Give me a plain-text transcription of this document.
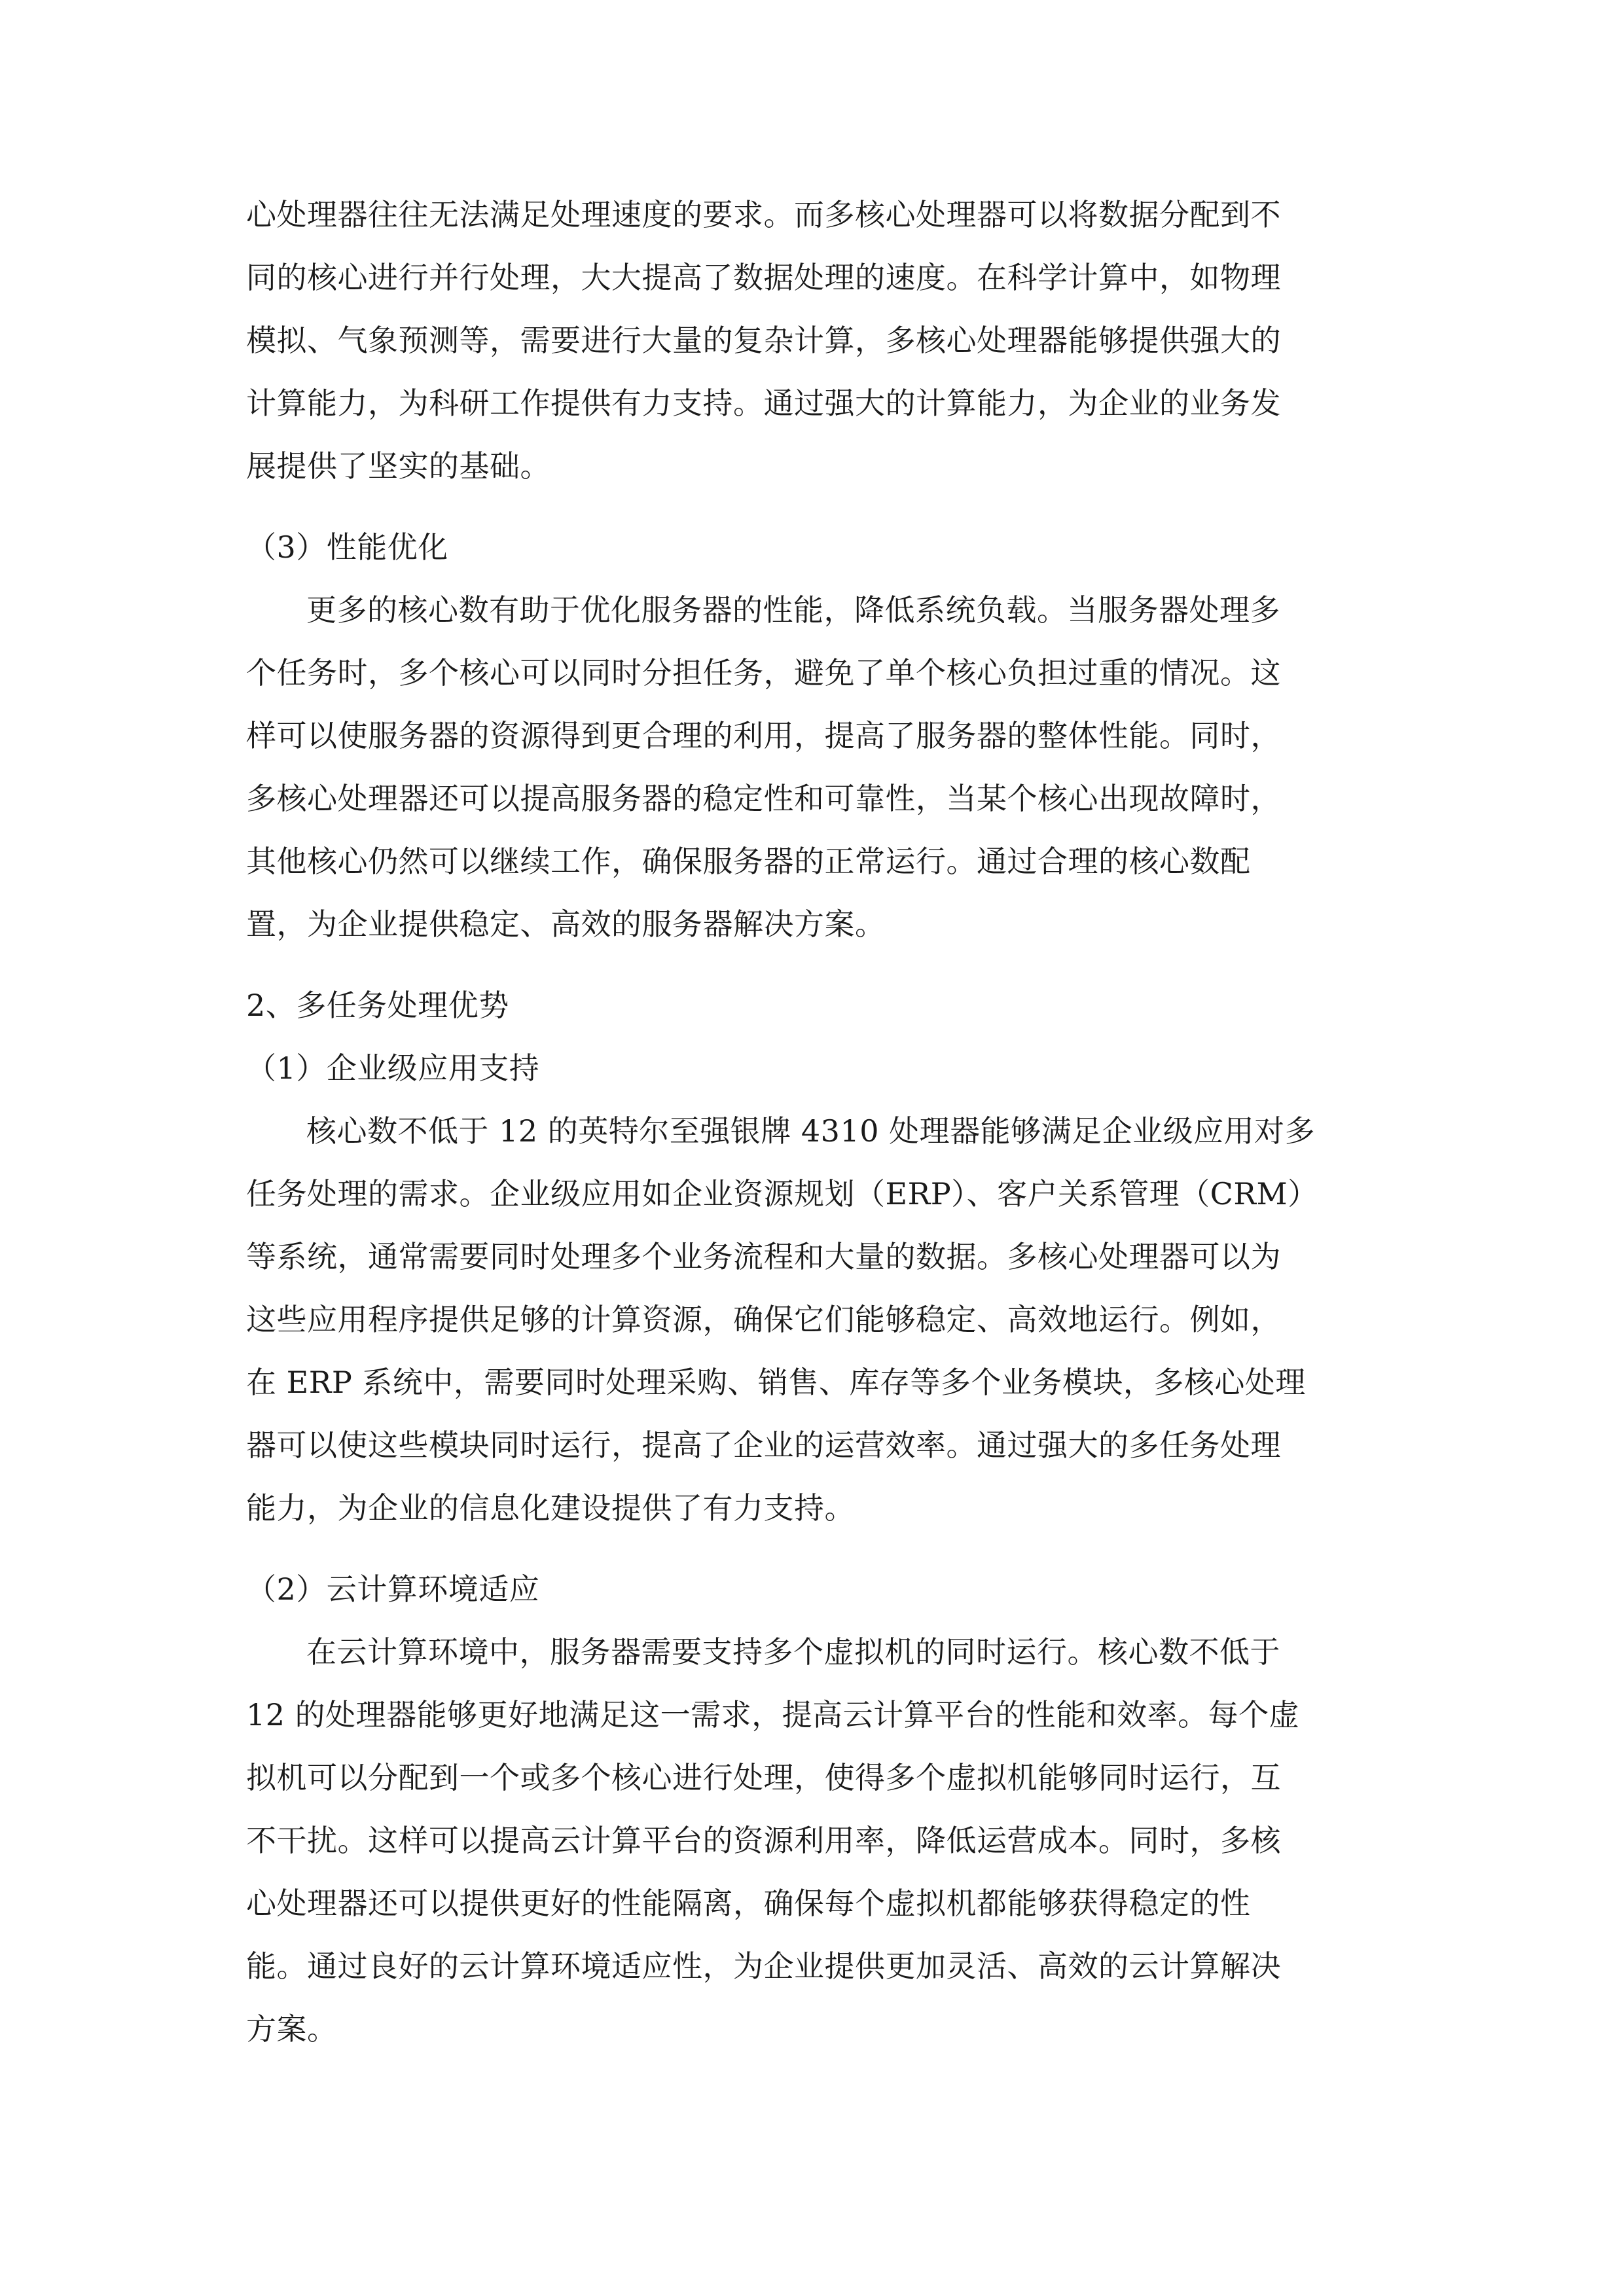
心处理器往往无法满足处理速度的要求。而多核心处理器可以将数据分配到不
同的核心进行并行处理，大大提高了数据处理的速度。在科学计算中，如物理
模拟、气象预测等，需要进行大量的复杂计算，多核心处理器能够提供强大的
计算能力，为科研工作提供有力支持。通过强大的计算能力，为企业的业务发
展提供了坚实的基础。
（3）性能优化
更多的核心数有助于优化服务器的性能，降低系统负载。当服务器处理多
个任务时，多个核心可以同时分担任务，避免了单个核心负担过重的情况。这
样可以使服务器的资源得到更合理的利用，提高了服务器的整体性能。同时，
多核心处理器还可以提高服务器的稳定性和可靠性，当某个核心出现故障时，
其他核心仍然可以继续工作，确保服务器的正常运行。通过合理的核心数配
置，为企业提供稳定、高效的服务器解决方案。
2、多任务处理优势
（1）企业级应用支持
核心数不低于 12 的英特尔至强银牌 4310 处理器能够满足企业级应用对多
任务处理的需求。企业级应用如企业资源规划（ERP）、客户关系管理（CRM）
等系统，通常需要同时处理多个业务流程和大量的数据。多核心处理器可以为
这些应用程序提供足够的计算资源，确保它们能够稳定、高效地运行。例如，
在 ERP 系统中，需要同时处理采购、销售、库存等多个业务模块，多核心处理
器可以使这些模块同时运行，提高了企业的运营效率。通过强大的多任务处理
能力，为企业的信息化建设提供了有力支持。
（2）云计算环境适应
在云计算环境中，服务器需要支持多个虚拟机的同时运行。核心数不低于
12 的处理器能够更好地满足这一需求，提高云计算平台的性能和效率。每个虚
拟机可以分配到一个或多个核心进行处理，使得多个虚拟机能够同时运行，互
不干扰。这样可以提高云计算平台的资源利用率，降低运营成本。同时，多核
心处理器还可以提供更好的性能隔离，确保每个虚拟机都能够获得稳定的性
能。通过良好的云计算环境适应性，为企业提供更加灵活、高效的云计算解决
方案。
